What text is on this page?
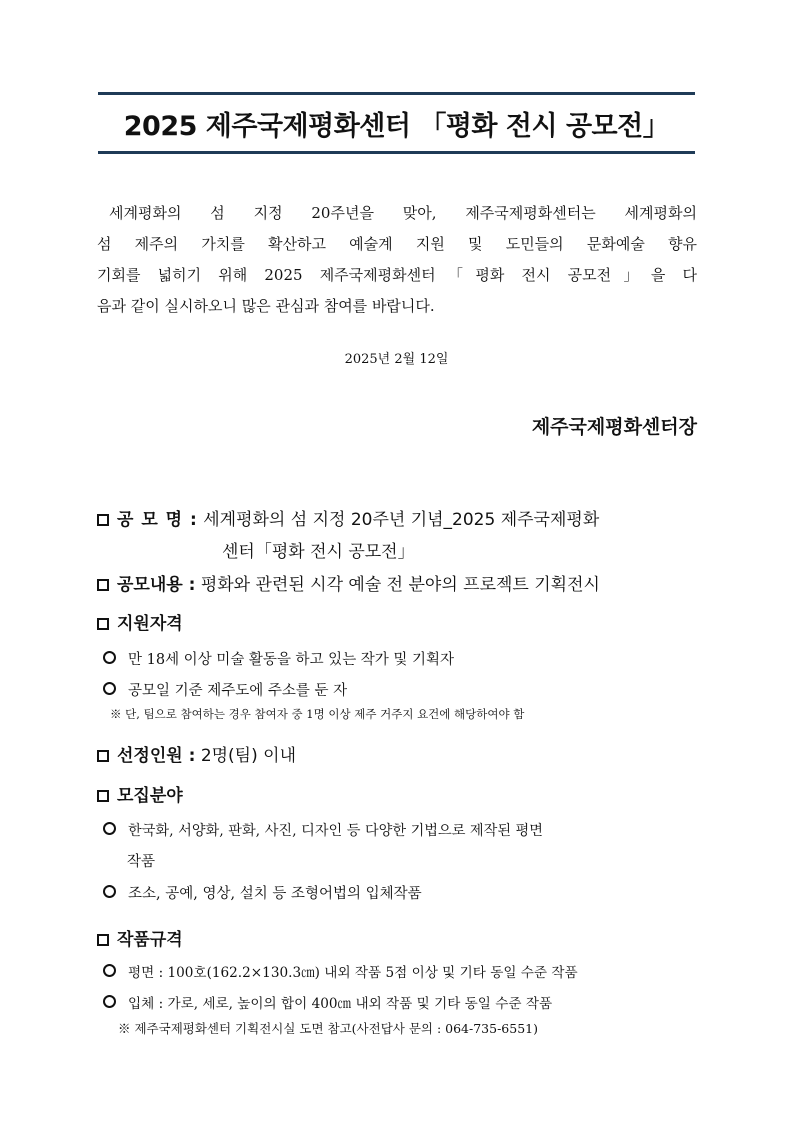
2025 제주국제평화센터 「평화 전시 공모전」

세계평화의 섬 지정 20주년을 맞아, 제주국제평화센터는 세계평화의
섬 제주의 가치를 확산하고 예술계 지원 및 도민들의 문화예술 향유
기회를 넓히기 위해 2025 제주국제평화센터「평화 전시 공모전」을 다
음과 같이 실시하오니 많은 관심과 참여를 바랍니다.

2025년 2월 12일
제주국제평화센터장
공 모 명 : 세계평화의 섬 지정 20주년 기념_2025 제주국제평화
센터「평화 전시 공모전」
공모내용 : 평화와 관련된 시각 예술 전 분야의 프로젝트 기획전시
지원자격
만 18세 이상 미술 활동을 하고 있는 작가 및 기획자
공모일 기준 제주도에 주소를 둔 자
※ 단, 팀으로 참여하는 경우 참여자 중 1명 이상 제주 거주지 요건에 해당하여야 함
선정인원 : 2명(팀) 이내
모집분야
한국화, 서양화, 판화, 사진, 디자인 등 다양한 기법으로 제작된 평면
작품
조소, 공예, 영상, 설치 등 조형어법의 입체작품
작품규격
평면 : 100호(162.2×130.3㎝) 내외 작품 5점 이상 및 기타 동일 수준 작품
입체 : 가로, 세로, 높이의 합이 400㎝ 내외 작품 및 기타 동일 수준 작품
※ 제주국제평화센터 기획전시실 도면 참고(사전답사 문의 : 064-735-6551)
